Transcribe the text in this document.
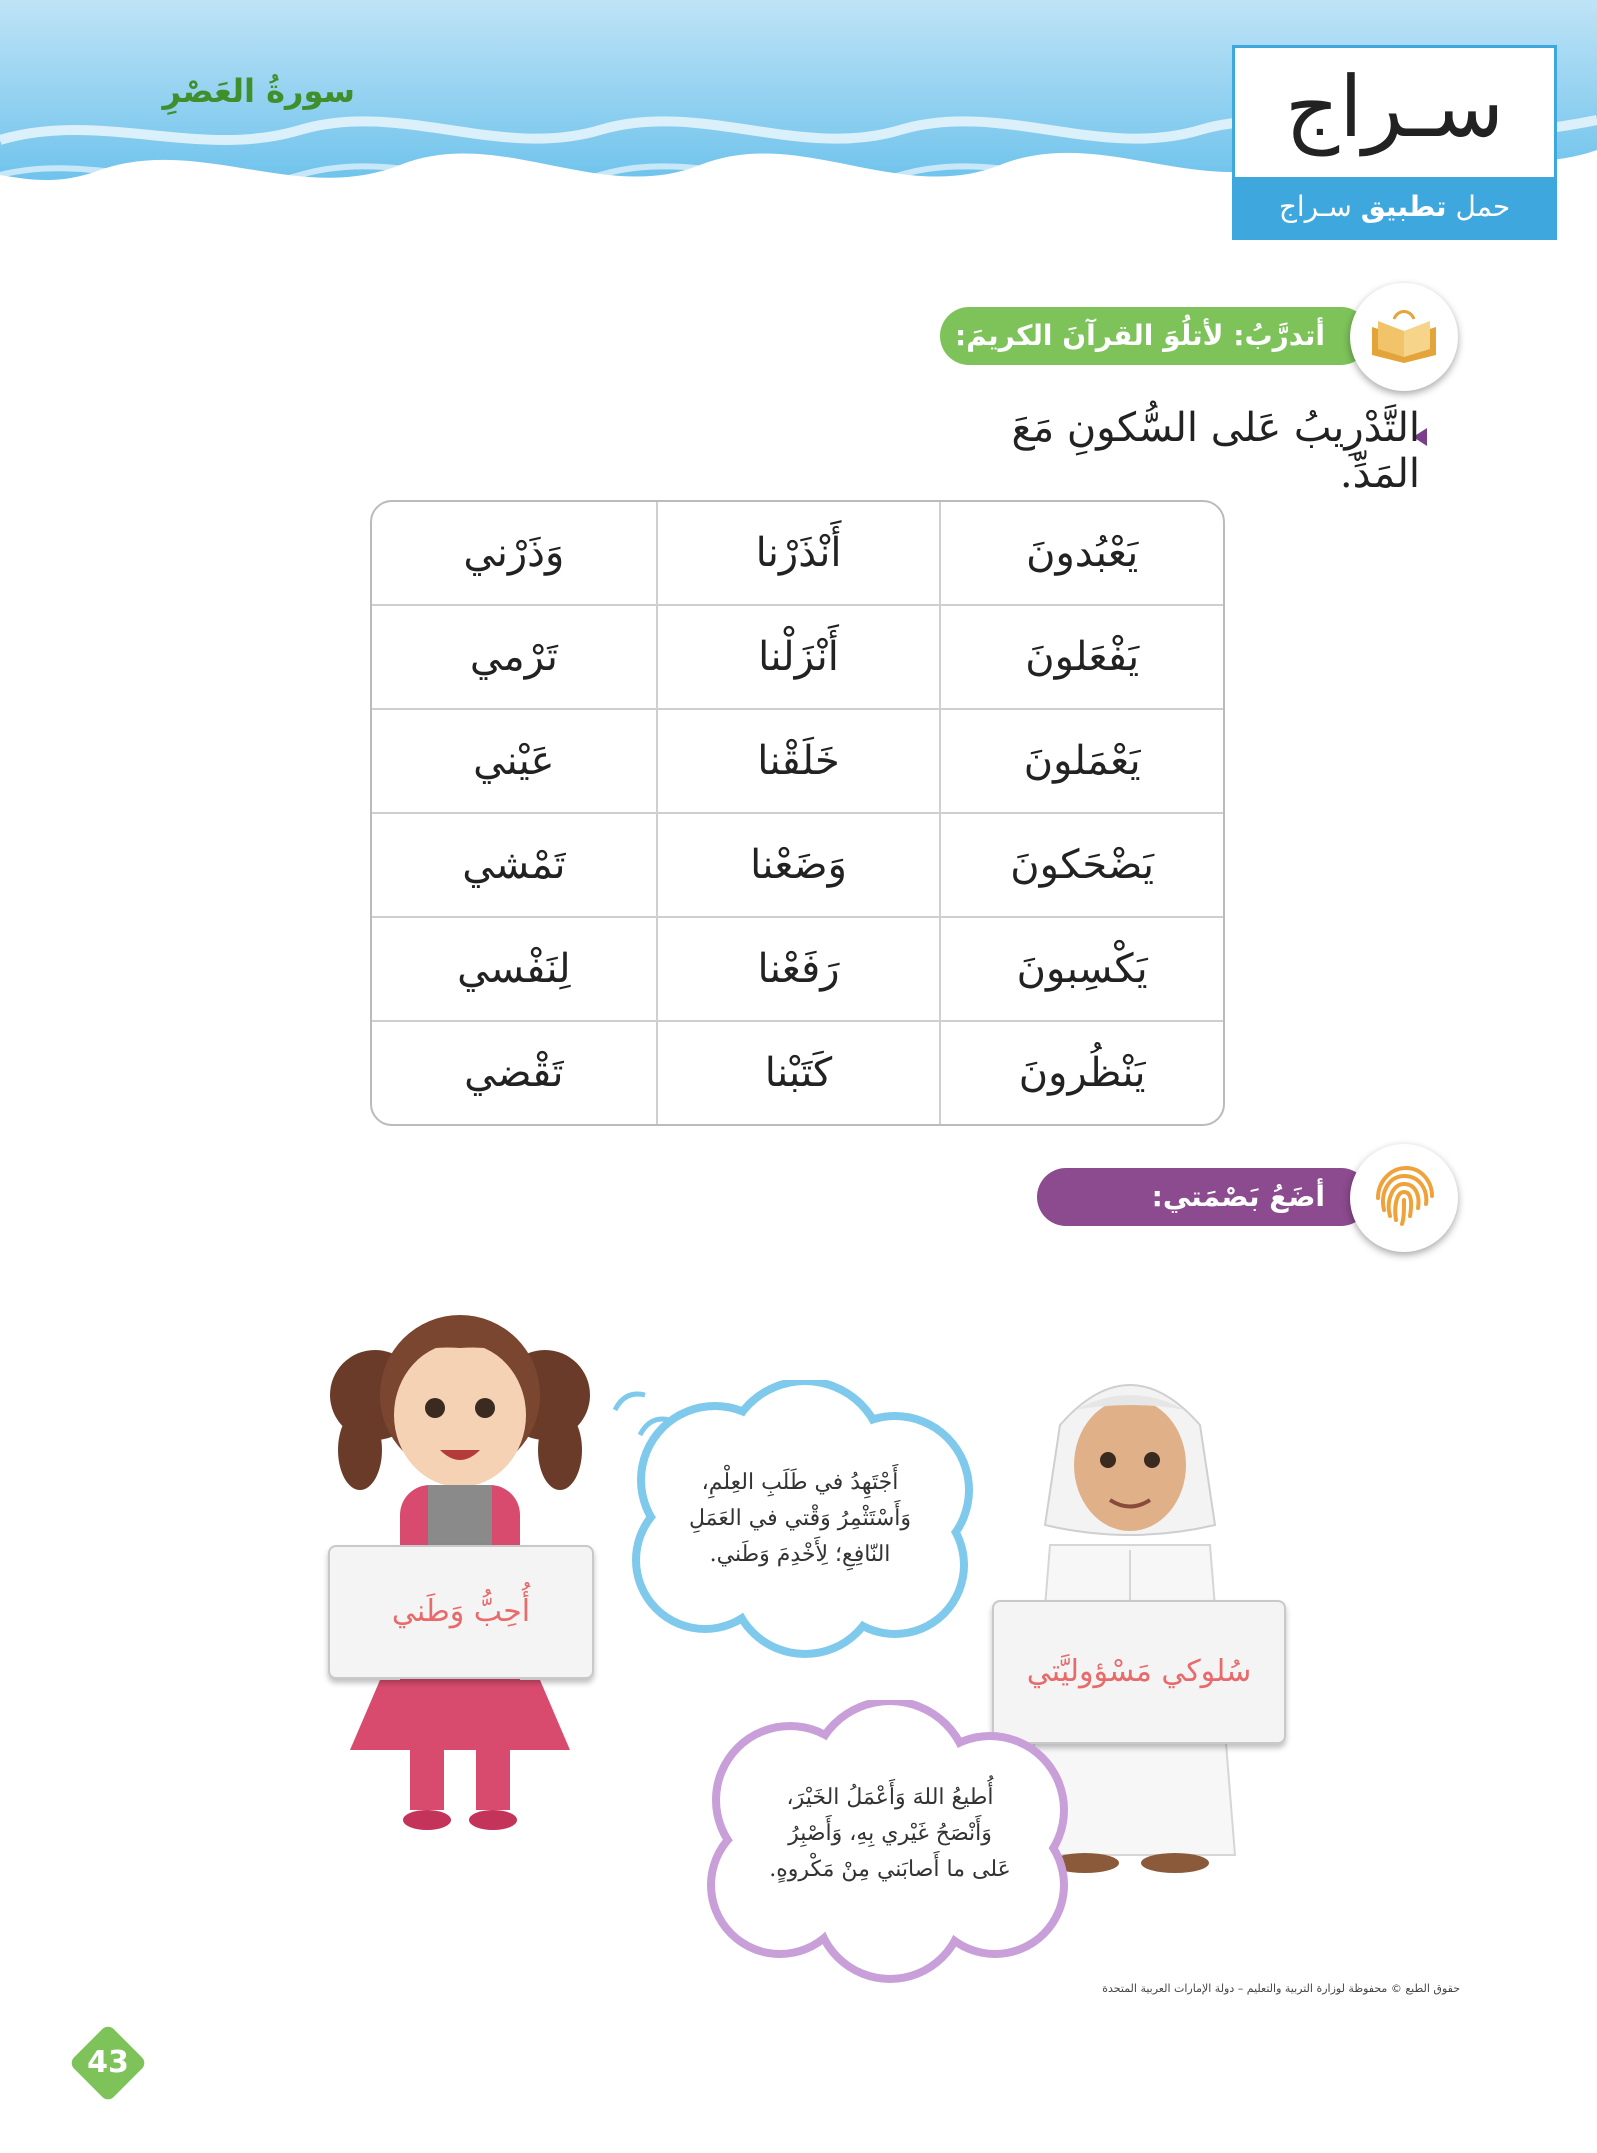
سورةُ العَصْرِ	سـراج
حمل تطبيق سـراج
أتدرَّبُ: لأتلُوَ القرآنَ الكريمَ:
التَّدْرِيبُ عَلى السُّكونِ مَعَ المَدِّ.
يَعْبُدونَ	أَنْذَرْنا	وَذَرْني
يَفْعَلونَ	أَنْزَلْنا	تَرْمي
يَعْمَلونَ	خَلَقْنا	عَيْني
يَضْحَكونَ	وَضَعْنا	تَمْشي
يَكْسِبونَ	رَفَعْنا	لِنَفْسي
يَنْظُرونَ	كَتَبْنا	تَقْضي
أضَعُ بَصْمَتي:
أُحِبُّ وَطَني
سُلوكي مَسْؤوليَّتي
أَجْتَهِدُ في طَلَبِ العِلْمِ،
وَأَسْتَثْمِرُ وَقْتي في العَمَلِ
النّافِعِ؛ لِأَخْدِمَ وَطَني.
أُطيعُ اللهَ وَأَعْمَلُ الخَيْرَ،
وَأَنْصَحُ غَيْري بِهِ، وَأَصْبِرُ
عَلى ما أَصابَني مِنْ مَكْروهٍ.
حقوق الطبع © محفوظة لوزارة التربية والتعليم – دولة الإمارات العربية المتحدة
43
